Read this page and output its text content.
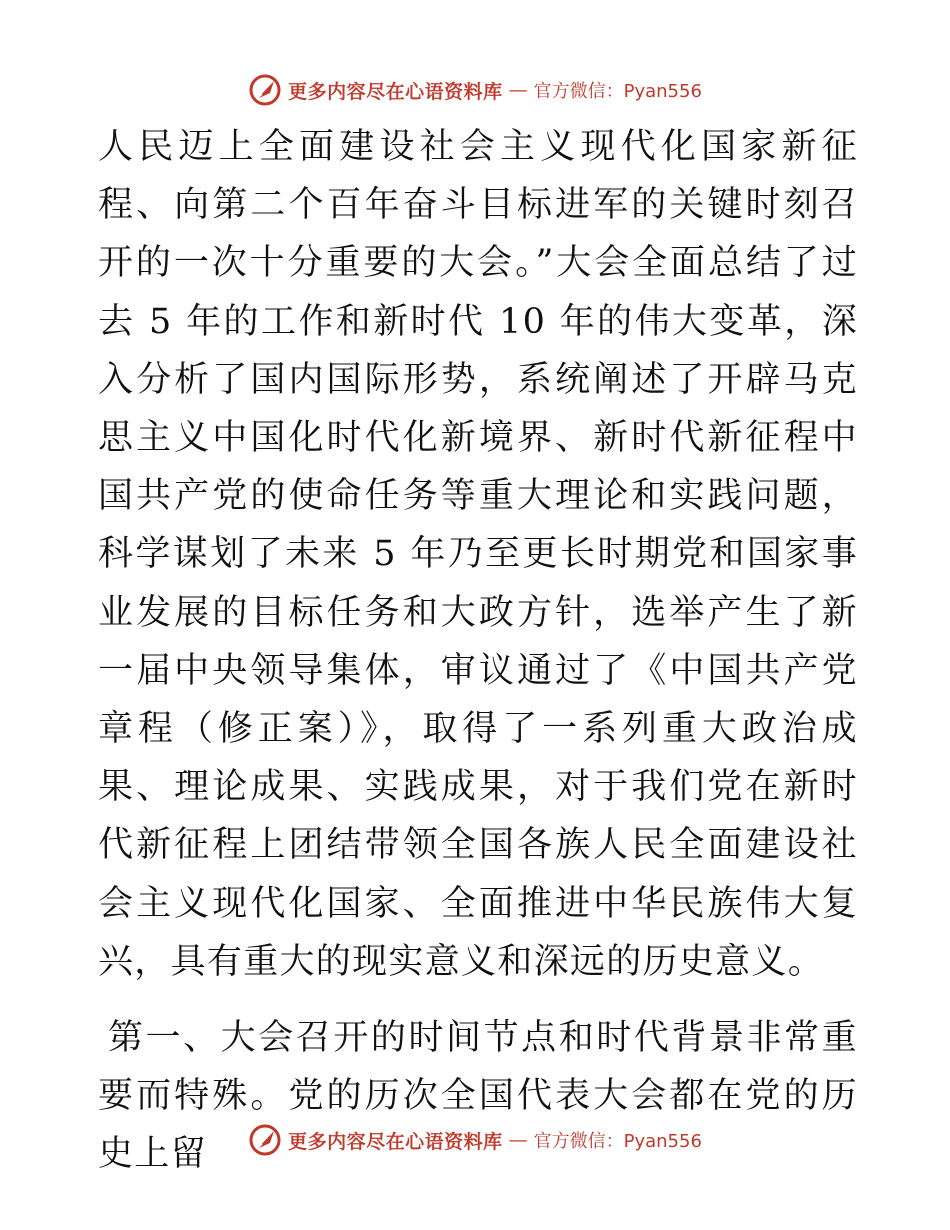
更多内容尽在心语资料库 — 官方微信：Pyan556

人民迈上全面建设社会主义现代化国家新征程、向第二个百年奋斗目标进军的关键时刻召开的一次十分重要的大会。”大会全面总结了过去 5 年的工作和新时代 10 年的伟大变革，深入分析了国内国际形势，系统阐述了开辟马克思主义中国化时代化新境界、新时代新征程中国共产党的使命任务等重大理论和实践问题，科学谋划了未来 5 年乃至更长时期党和国家事业发展的目标任务和大政方针，选举产生了新一届中央领导集体，审议通过了《中国共产党章程（修正案）》，取得了一系列重大政治成果、理论成果、实践成果，对于我们党在新时代新征程上团结带领全国各族人民全面建设社会主义现代化国家、全面推进中华民族伟大复兴，具有重大的现实意义和深远的历史意义。

第一、大会召开的时间节点和时代背景非常重要而特殊。党的历次全国代表大会都在党的历史上留	更多内容尽在心语资料库 — 官方微信：Pyan556
